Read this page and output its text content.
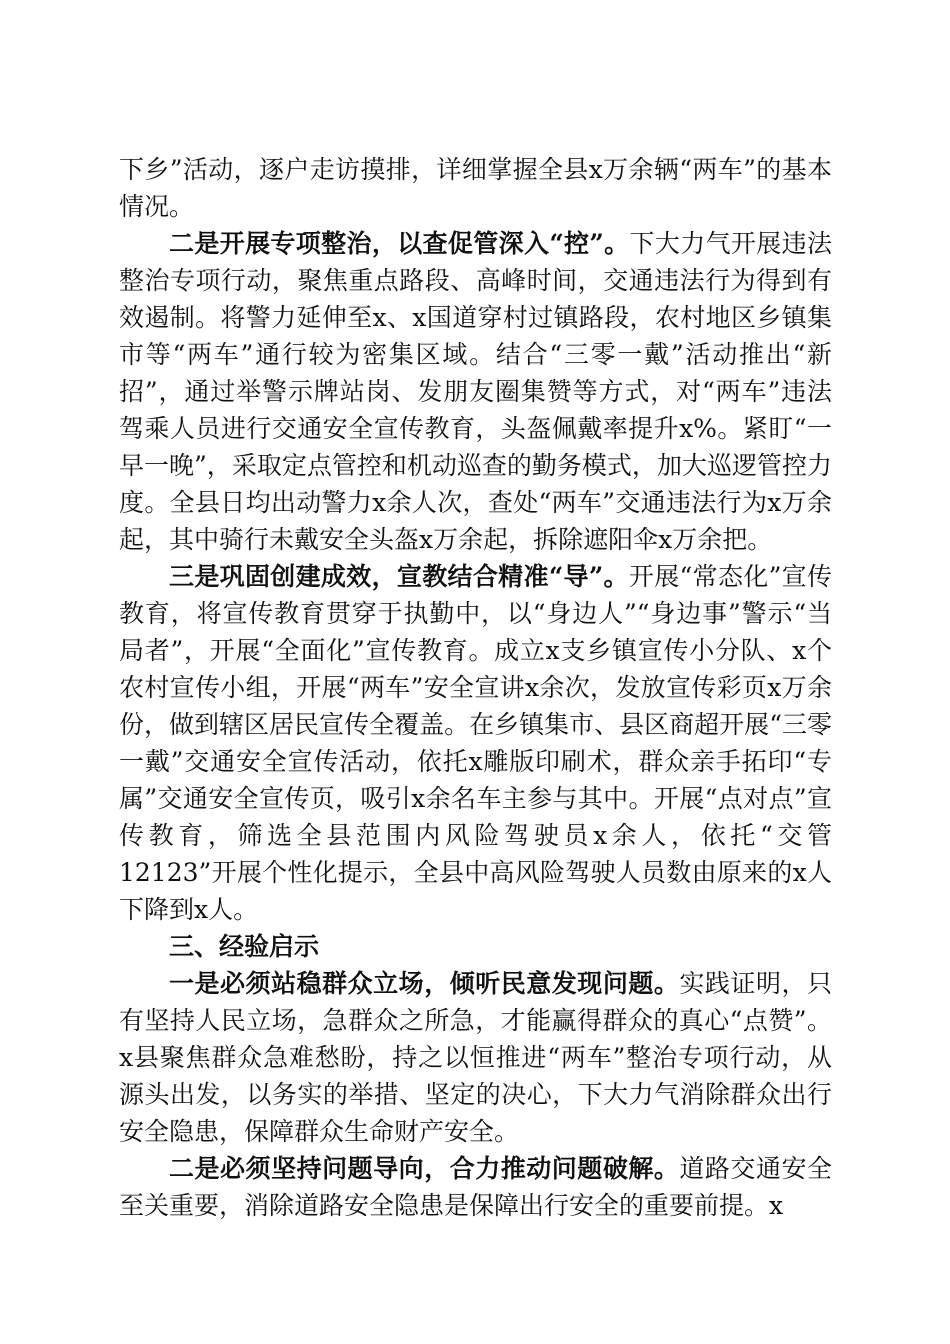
下乡”活动，逐户走访摸排，详细掌握全县x万余辆“两车”的基本情况。

二是开展专项整治，以查促管深入“控”。下大力气开展违法整治专项行动，聚焦重点路段、高峰时间，交通违法行为得到有效遏制。将警力延伸至x、x国道穿村过镇路段，农村地区乡镇集市等“两车”通行较为密集区域。结合“三零一戴”活动推出“新招”，通过举警示牌站岗、发朋友圈集赞等方式，对“两车”违法驾乘人员进行交通安全宣传教育，头盔佩戴率提升x%。紧盯“一早一晚”，采取定点管控和机动巡查的勤务模式，加大巡逻管控力度。全县日均出动警力x余人次，查处“两车”交通违法行为x万余起，其中骑行未戴安全头盔x万余起，拆除遮阳伞x万余把。

三是巩固创建成效，宣教结合精准“导”。开展“常态化”宣传教育，将宣传教育贯穿于执勤中，以“身边人”“身边事”警示“当局者”，开展“全面化”宣传教育。成立x支乡镇宣传小分队、x个农村宣传小组，开展“两车”安全宣讲x余次，发放宣传彩页x万余份，做到辖区居民宣传全覆盖。在乡镇集市、县区商超开展“三零一戴”交通安全宣传活动，依托x雕版印刷术，群众亲手拓印“专属”交通安全宣传页，吸引x余名车主参与其中。开展“点对点”宣传教育，筛选全县范围内风险驾驶员x余人，依托“交管12123”开展个性化提示，全县中高风险驾驶人员数由原来的x人下降到x人。

三、经验启示

一是必须站稳群众立场，倾听民意发现问题。实践证明，只有坚持人民立场，急群众之所急，才能赢得群众的真心“点赞”。x县聚焦群众急难愁盼，持之以恒推进“两车”整治专项行动，从源头出发，以务实的举措、坚定的决心，下大力气消除群众出行安全隐患，保障群众生命财产安全。

二是必须坚持问题导向，合力推动问题破解。道路交通安全至关重要，消除道路安全隐患是保障出行安全的重要前提。x
